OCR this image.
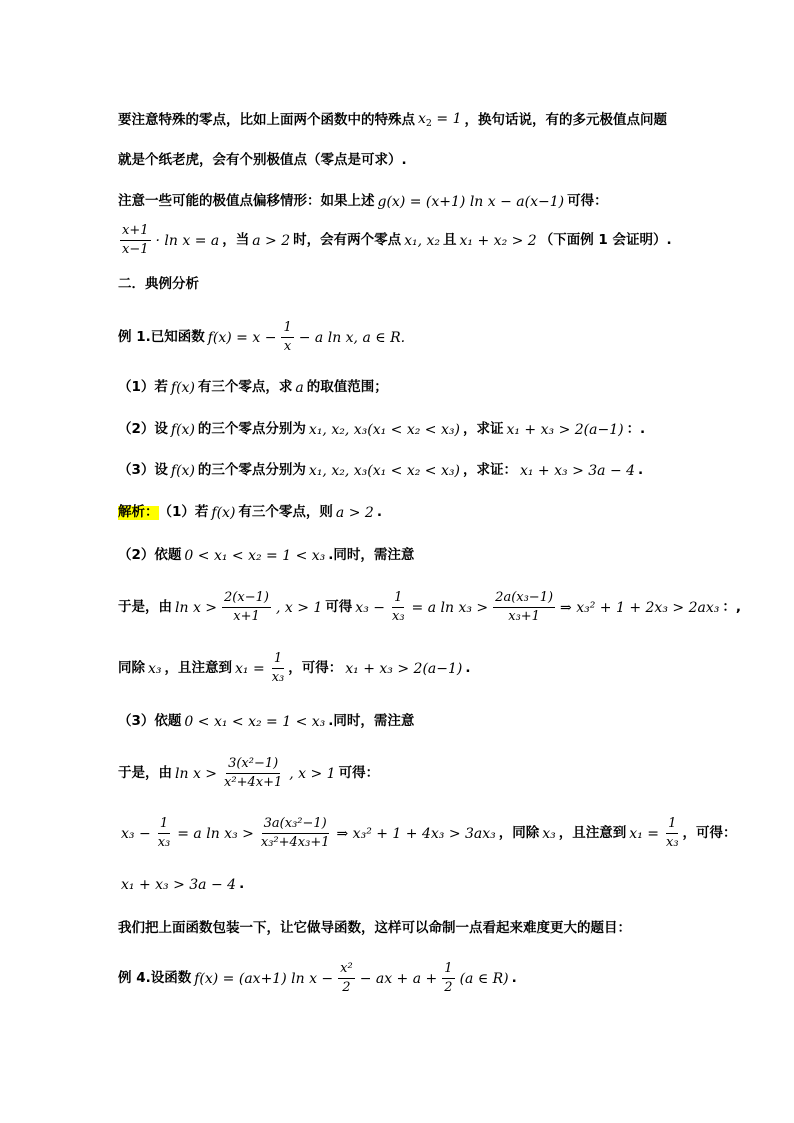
要注意特殊的零点，比如上面两个函数中的特殊点 $x_2 = 1$ ，换句话说，有的多元极值点问题
就是个纸老虎，会有个别极值点（零点是可求）.
注意一些可能的极值点偏移情形：如果上述 g(x) = (x+1) ln x − a(x−1) 可得：
$\frac{x+1}{x-1} \cdot \ln x = a$ ，当 a > 2 时，会有两个零点 x₁, x₂ 且 x₁ + x₂ > 2 （下面例 1 会证明）.
二．典例分析
例 1.已知函数 $f(x) = x - \frac{1}{x} - a$ ln x, a ∈ R.
（1）若 f(x) 有三个零点，求 a 的取值范围；
（2）设 f(x) 的三个零点分别为 x₁, x₂, x₃(x₁ < x₂ < x₃) ，求证 x₁ + x₃ > 2(a−1) ：.
（3）设 f(x) 的三个零点分别为 x₁, x₂, x₃(x₁ < x₂ < x₃) ，求证： x₁ + x₃ > 3a − 4 .
解析： （1）若 f(x) 有三个零点，则 a > 2 .
（2）依题 0 < x₁ < x₂ = 1 < x₃ .同时，需注意
于是，由 $\ln x > \frac{2(x-1)}{x+1}$ , x > 1 可得 $x_3 - \frac{1}{\text{x₃}} = a$ $\ln x_3 > \frac{\text{2a(x₃−1)}}{\text{x₃+1}}$ ⇒ x₃² + 1 + 2x₃ > 2ax₃ ：,
同除 x₃ ，且注意到 $x_1 = \frac{1}{\text{x₃}}$ ，可得： x₁ + x₃ > 2(a−1) .
（3）依题 0 < x₁ < x₂ = 1 < x₃ .同时，需注意
于是，由 $\ln x > \frac{\text{3(x²−1)}}{\text{x²+4x+1}}$ , x > 1 可得：
$x_3 - \frac{1}{\text{x₃}} = a$ $\ln x_3 > \frac{\text{3a(x₃²−1)}}{\text{x₃²+4x₃+1}}$ ⇒ x₃² + 1 + 4x₃ > 3ax₃ ，同除 x₃ ，且注意到 $x_1 = \frac{1}{\text{x₃}}$ ，可得：
x₁ + x₃ > 3a − 4 .
我们把上面函数包装一下，让它做导函数，这样可以命制一点看起来难度更大的题目：
例 4.设函数 f(x) = (ax+1) $\ln x - \frac{\text{x²}}{2}$ − ax + $a + \frac{1}{2} (a$ ∈ R) .
